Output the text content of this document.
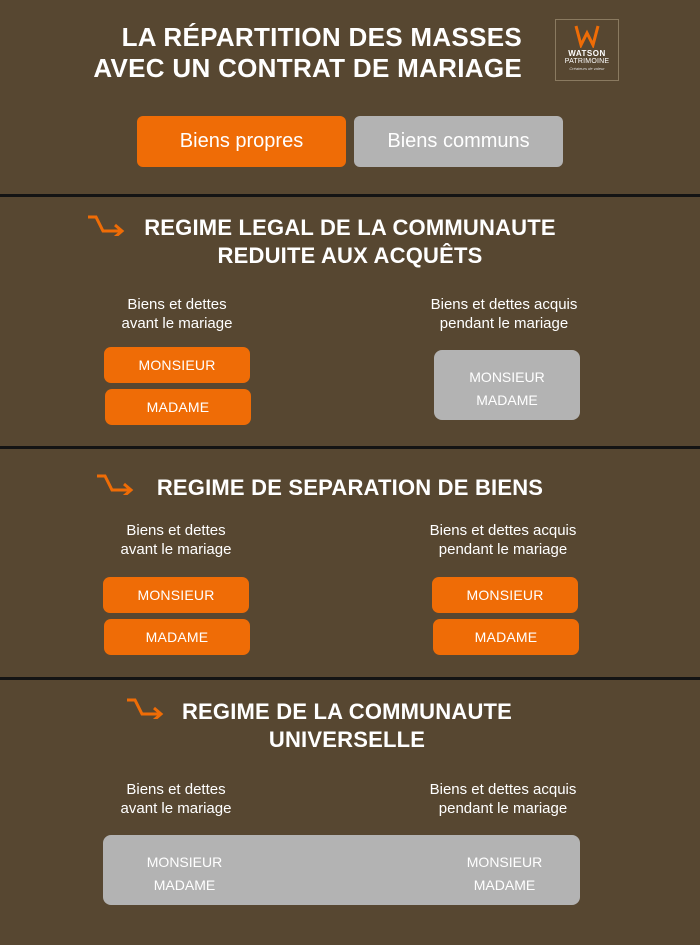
LA RÉPARTITION DES MASSES
AVEC UN CONTRAT DE MARIAGE	WATSON
PATRIMOINE
Créateurs de valeur
Biens propres	Biens communs
REGIME LEGAL DE LA COMMUNAUTE
REDUITE AUX ACQUÊTS
Biens et dettes
avant le mariage
Biens et dettes acquis
pendant le mariage
MONSIEUR
MADAME
MONSIEUR
MADAME
REGIME DE SEPARATION DE BIENS
Biens et dettes
avant le mariage
Biens et dettes acquis
pendant le mariage
MONSIEUR
MADAME
MONSIEUR
MADAME
REGIME DE LA COMMUNAUTE
UNIVERSELLE
Biens et dettes
avant le mariage
Biens et dettes acquis
pendant le mariage
MONSIEUR
MADAME
MONSIEUR
MADAME
